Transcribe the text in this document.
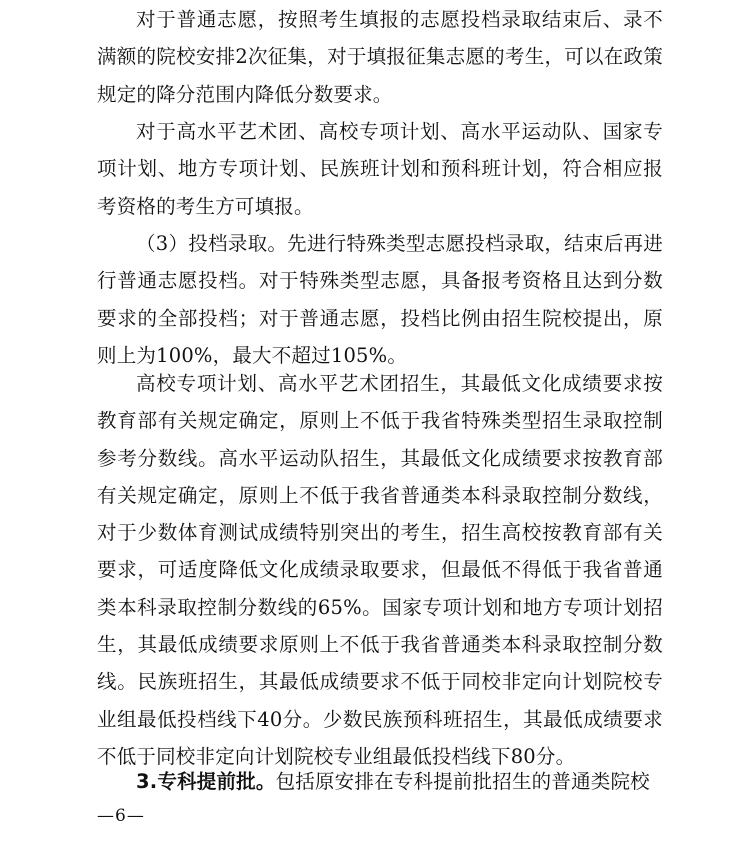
对于普通志愿，按照考生填报的志愿投档录取结束后、录不满额的院校安排2次征集，对于填报征集志愿的考生，可以在政策规定的降分范围内降低分数要求。

对于高水平艺术团、高校专项计划、高水平运动队、国家专项计划、地方专项计划、民族班计划和预科班计划，符合相应报考资格的考生方可填报。

（3）投档录取。先进行特殊类型志愿投档录取，结束后再进行普通志愿投档。对于特殊类型志愿，具备报考资格且达到分数要求的全部投档；对于普通志愿，投档比例由招生院校提出，原则上为100%，最大不超过105%。

高校专项计划、高水平艺术团招生，其最低文化成绩要求按教育部有关规定确定，原则上不低于我省特殊类型招生录取控制参考分数线。高水平运动队招生，其最低文化成绩要求按教育部有关规定确定，原则上不低于我省普通类本科录取控制分数线，对于少数体育测试成绩特别突出的考生，招生高校按教育部有关要求，可适度降低文化成绩录取要求，但最低不得低于我省普通类本科录取控制分数线的65%。国家专项计划和地方专项计划招生，其最低成绩要求原则上不低于我省普通类本科录取控制分数线。民族班招生，其最低成绩要求不低于同校非定向计划院校专业组最低投档线下40分。少数民族预科班招生，其最低成绩要求不低于同校非定向计划院校专业组最低投档线下80分。

3.专科提前批。包括原安排在专科提前批招生的普通类院校

—6—
